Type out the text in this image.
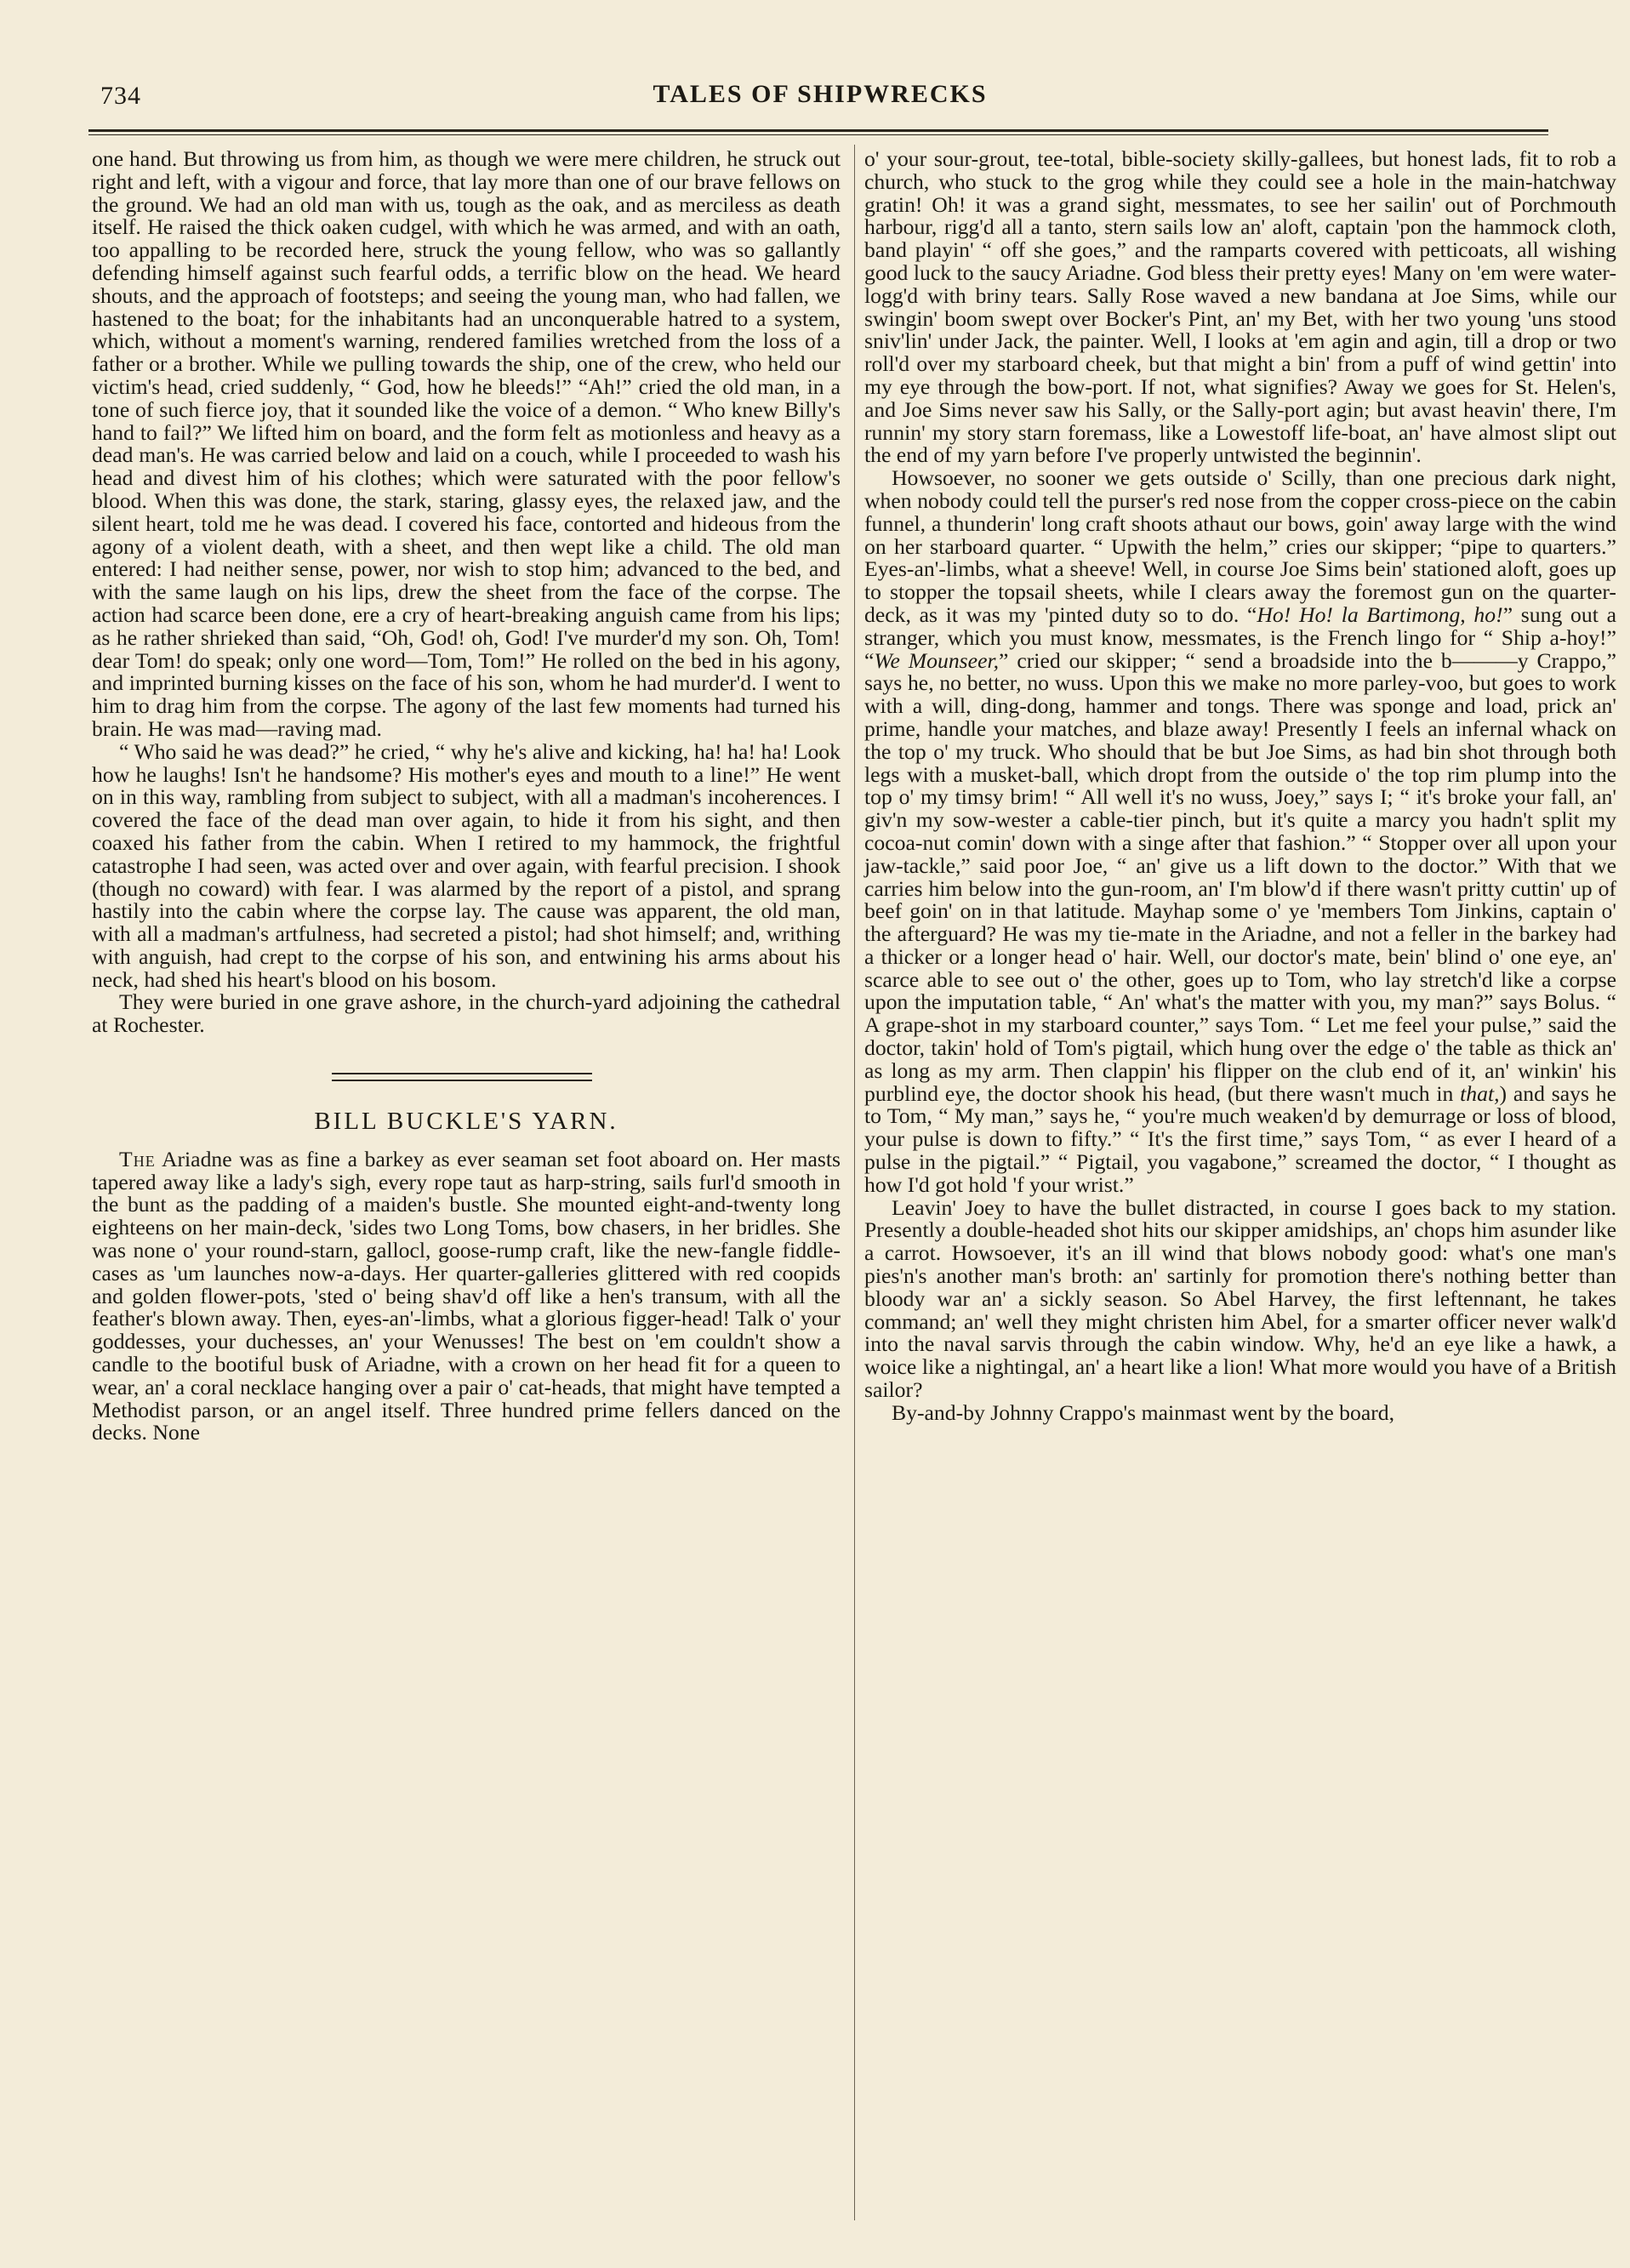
734	TALES OF SHIPWRECKS

one hand. But throwing us from him, as though we were mere children, he struck out right and left, with a vigour and force, that lay more than one of our brave fellows on the ground. We had an old man with us, tough as the oak, and as merciless as death itself. He raised the thick oaken cudgel, with which he was armed, and with an oath, too appalling to be recorded here, struck the young fellow, who was so gallantly defending himself against such fearful odds, a terrific blow on the head. We heard shouts, and the approach of footsteps; and seeing the young man, who had fallen, we hastened to the boat; for the inhabitants had an unconquerable hatred to a system, which, without a moment's warning, rendered families wretched from the loss of a father or a brother. While we pulling towards the ship, one of the crew, who held our victim's head, cried suddenly, “ God, how he bleeds!” “Ah!” cried the old man, in a tone of such fierce joy, that it sounded like the voice of a demon. “ Who knew Billy's hand to fail?” We lifted him on board, and the form felt as motionless and heavy as a dead man's. He was carried below and laid on a couch, while I proceeded to wash his head and divest him of his clothes; which were saturated with the poor fellow's blood. When this was done, the stark, staring, glassy eyes, the relaxed jaw, and the silent heart, told me he was dead. I covered his face, contorted and hideous from the agony of a violent death, with a sheet, and then wept like a child. The old man entered: I had neither sense, power, nor wish to stop him; advanced to the bed, and with the same laugh on his lips, drew the sheet from the face of the corpse. The action had scarce been done, ere a cry of heart-breaking anguish came from his lips; as he rather shrieked than said, “Oh, God! oh, God! I've murder'd my son. Oh, Tom! dear Tom! do speak; only one word—Tom, Tom!” He rolled on the bed in his agony, and imprinted burning kisses on the face of his son, whom he had murder'd. I went to him to drag him from the corpse. The agony of the last few moments had turned his brain. He was mad—raving mad.

“ Who said he was dead?” he cried, “ why he's alive and kicking, ha! ha! ha! Look how he laughs! Isn't he handsome? His mother's eyes and mouth to a line!” He went on in this way, rambling from subject to subject, with all a madman's incoherences. I covered the face of the dead man over again, to hide it from his sight, and then coaxed his father from the cabin. When I retired to my hammock, the frightful catastrophe I had seen, was acted over and over again, with fearful precision. I shook (though no coward) with fear. I was alarmed by the report of a pistol, and sprang hastily into the cabin where the corpse lay. The cause was apparent, the old man, with all a madman's artfulness, had secreted a pistol; had shot himself; and, writhing with anguish, had crept to the corpse of his son, and entwining his arms about his neck, had shed his heart's blood on his bosom.

They were buried in one grave ashore, in the church-yard adjoining the cathedral at Rochester.

BILL BUCKLE'S YARN.

The Ariadne was as fine a barkey as ever seaman set foot aboard on. Her masts tapered away like a lady's sigh, every rope taut as harp-string, sails furl'd smooth in the bunt as the padding of a maiden's bustle. She mounted eight-and-twenty long eighteens on her main-deck, 'sides two Long Toms, bow chasers, in her bridles. She was none o' your round-starn, gallocl, goose-rump craft, like the new-fangle fiddle-cases as 'um launches now-a-days. Her quarter-galleries glittered with red coopids and golden flower-pots, 'sted o' being shav'd off like a hen's transum, with all the feather's blown away. Then, eyes-an'-limbs, what a glorious figger-head! Talk o' your goddesses, your duchesses, an' your Wenusses! The best on 'em couldn't show a candle to the bootiful busk of Ariadne, with a crown on her head fit for a queen to wear, an' a coral necklace hanging over a pair o' cat-heads, that might have tempted a Methodist parson, or an angel itself. Three hundred prime fellers danced on the decks. None

o' your sour-grout, tee-total, bible-society skilly-gallees, but honest lads, fit to rob a church, who stuck to the grog while they could see a hole in the main-hatchway gratin! Oh! it was a grand sight, messmates, to see her sailin' out of Porchmouth harbour, rigg'd all a tanto, stern sails low an' aloft, captain 'pon the hammock cloth, band playin' “ off she goes,” and the ramparts covered with petticoats, all wishing good luck to the saucy Ariadne. God bless their pretty eyes! Many on 'em were water-logg'd with briny tears. Sally Rose waved a new bandana at Joe Sims, while our swingin' boom swept over Bocker's Pint, an' my Bet, with her two young 'uns stood sniv'lin' under Jack, the painter. Well, I looks at 'em agin and agin, till a drop or two roll'd over my starboard cheek, but that might a bin' from a puff of wind gettin' into my eye through the bow-port. If not, what signifies? Away we goes for St. Helen's, and Joe Sims never saw his Sally, or the Sally-port agin; but avast heavin' there, I'm runnin' my story starn foremass, like a Lowestoff life-boat, an' have almost slipt out the end of my yarn before I've properly untwisted the beginnin'.

Howsoever, no sooner we gets outside o' Scilly, than one precious dark night, when nobody could tell the purser's red nose from the copper cross-piece on the cabin funnel, a thunderin' long craft shoots athaut our bows, goin' away large with the wind on her starboard quarter. “ Upwith the helm,” cries our skipper; “pipe to quarters.” Eyes-an'-limbs, what a sheeve! Well, in course Joe Sims bein' stationed aloft, goes up to stopper the topsail sheets, while I clears away the foremost gun on the quarter-deck, as it was my 'pinted duty so to do. “Ho! Ho! la Bartimong, ho!” sung out a stranger, which you must know, messmates, is the French lingo for “ Ship a-hoy!” “We Mounseer,” cried our skipper; “ send a broadside into the b———y Crappo,” says he, no better, no wuss. Upon this we make no more parley-voo, but goes to work with a will, ding-dong, hammer and tongs. There was sponge and load, prick an' prime, handle your matches, and blaze away! Presently I feels an infernal whack on the top o' my truck. Who should that be but Joe Sims, as had bin shot through both legs with a musket-ball, which dropt from the outside o' the top rim plump into the top o' my timsy brim! “ All well it's no wuss, Joey,” says I; “ it's broke your fall, an' giv'n my sow-wester a cable-tier pinch, but it's quite a marcy you hadn't split my cocoa-nut comin' down with a singe after that fashion.” “ Stopper over all upon your jaw-tackle,” said poor Joe, “ an' give us a lift down to the doctor.” With that we carries him below into the gun-room, an' I'm blow'd if there wasn't pritty cuttin' up of beef goin' on in that latitude. Mayhap some o' ye 'members Tom Jinkins, captain o' the afterguard? He was my tie-mate in the Ariadne, and not a feller in the barkey had a thicker or a longer head o' hair. Well, our doctor's mate, bein' blind o' one eye, an' scarce able to see out o' the other, goes up to Tom, who lay stretch'd like a corpse upon the imputation table, “ An' what's the matter with you, my man?” says Bolus. “ A grape-shot in my starboard counter,” says Tom. “ Let me feel your pulse,” said the doctor, takin' hold of Tom's pigtail, which hung over the edge o' the table as thick an' as long as my arm. Then clappin' his flipper on the club end of it, an' winkin' his purblind eye, the doctor shook his head, (but there wasn't much in that,) and says he to Tom, “ My man,” says he, “ you're much weaken'd by demurrage or loss of blood, your pulse is down to fifty.” “ It's the first time,” says Tom, “ as ever I heard of a pulse in the pigtail.” “ Pigtail, you vagabone,” screamed the doctor, “ I thought as how I'd got hold 'f your wrist.”

Leavin' Joey to have the bullet distracted, in course I goes back to my station. Presently a double-headed shot hits our skipper amidships, an' chops him asunder like a carrot. Howsoever, it's an ill wind that blows nobody good: what's one man's pies'n's another man's broth: an' sartinly for promotion there's nothing better than bloody war an' a sickly season. So Abel Harvey, the first leftennant, he takes command; an' well they might christen him Abel, for a smarter officer never walk'd into the naval sarvis through the cabin window. Why, he'd an eye like a hawk, a woice like a nightingal, an' a heart like a lion! What more would you have of a British sailor?

By-and-by Johnny Crappo's mainmast went by the board,
